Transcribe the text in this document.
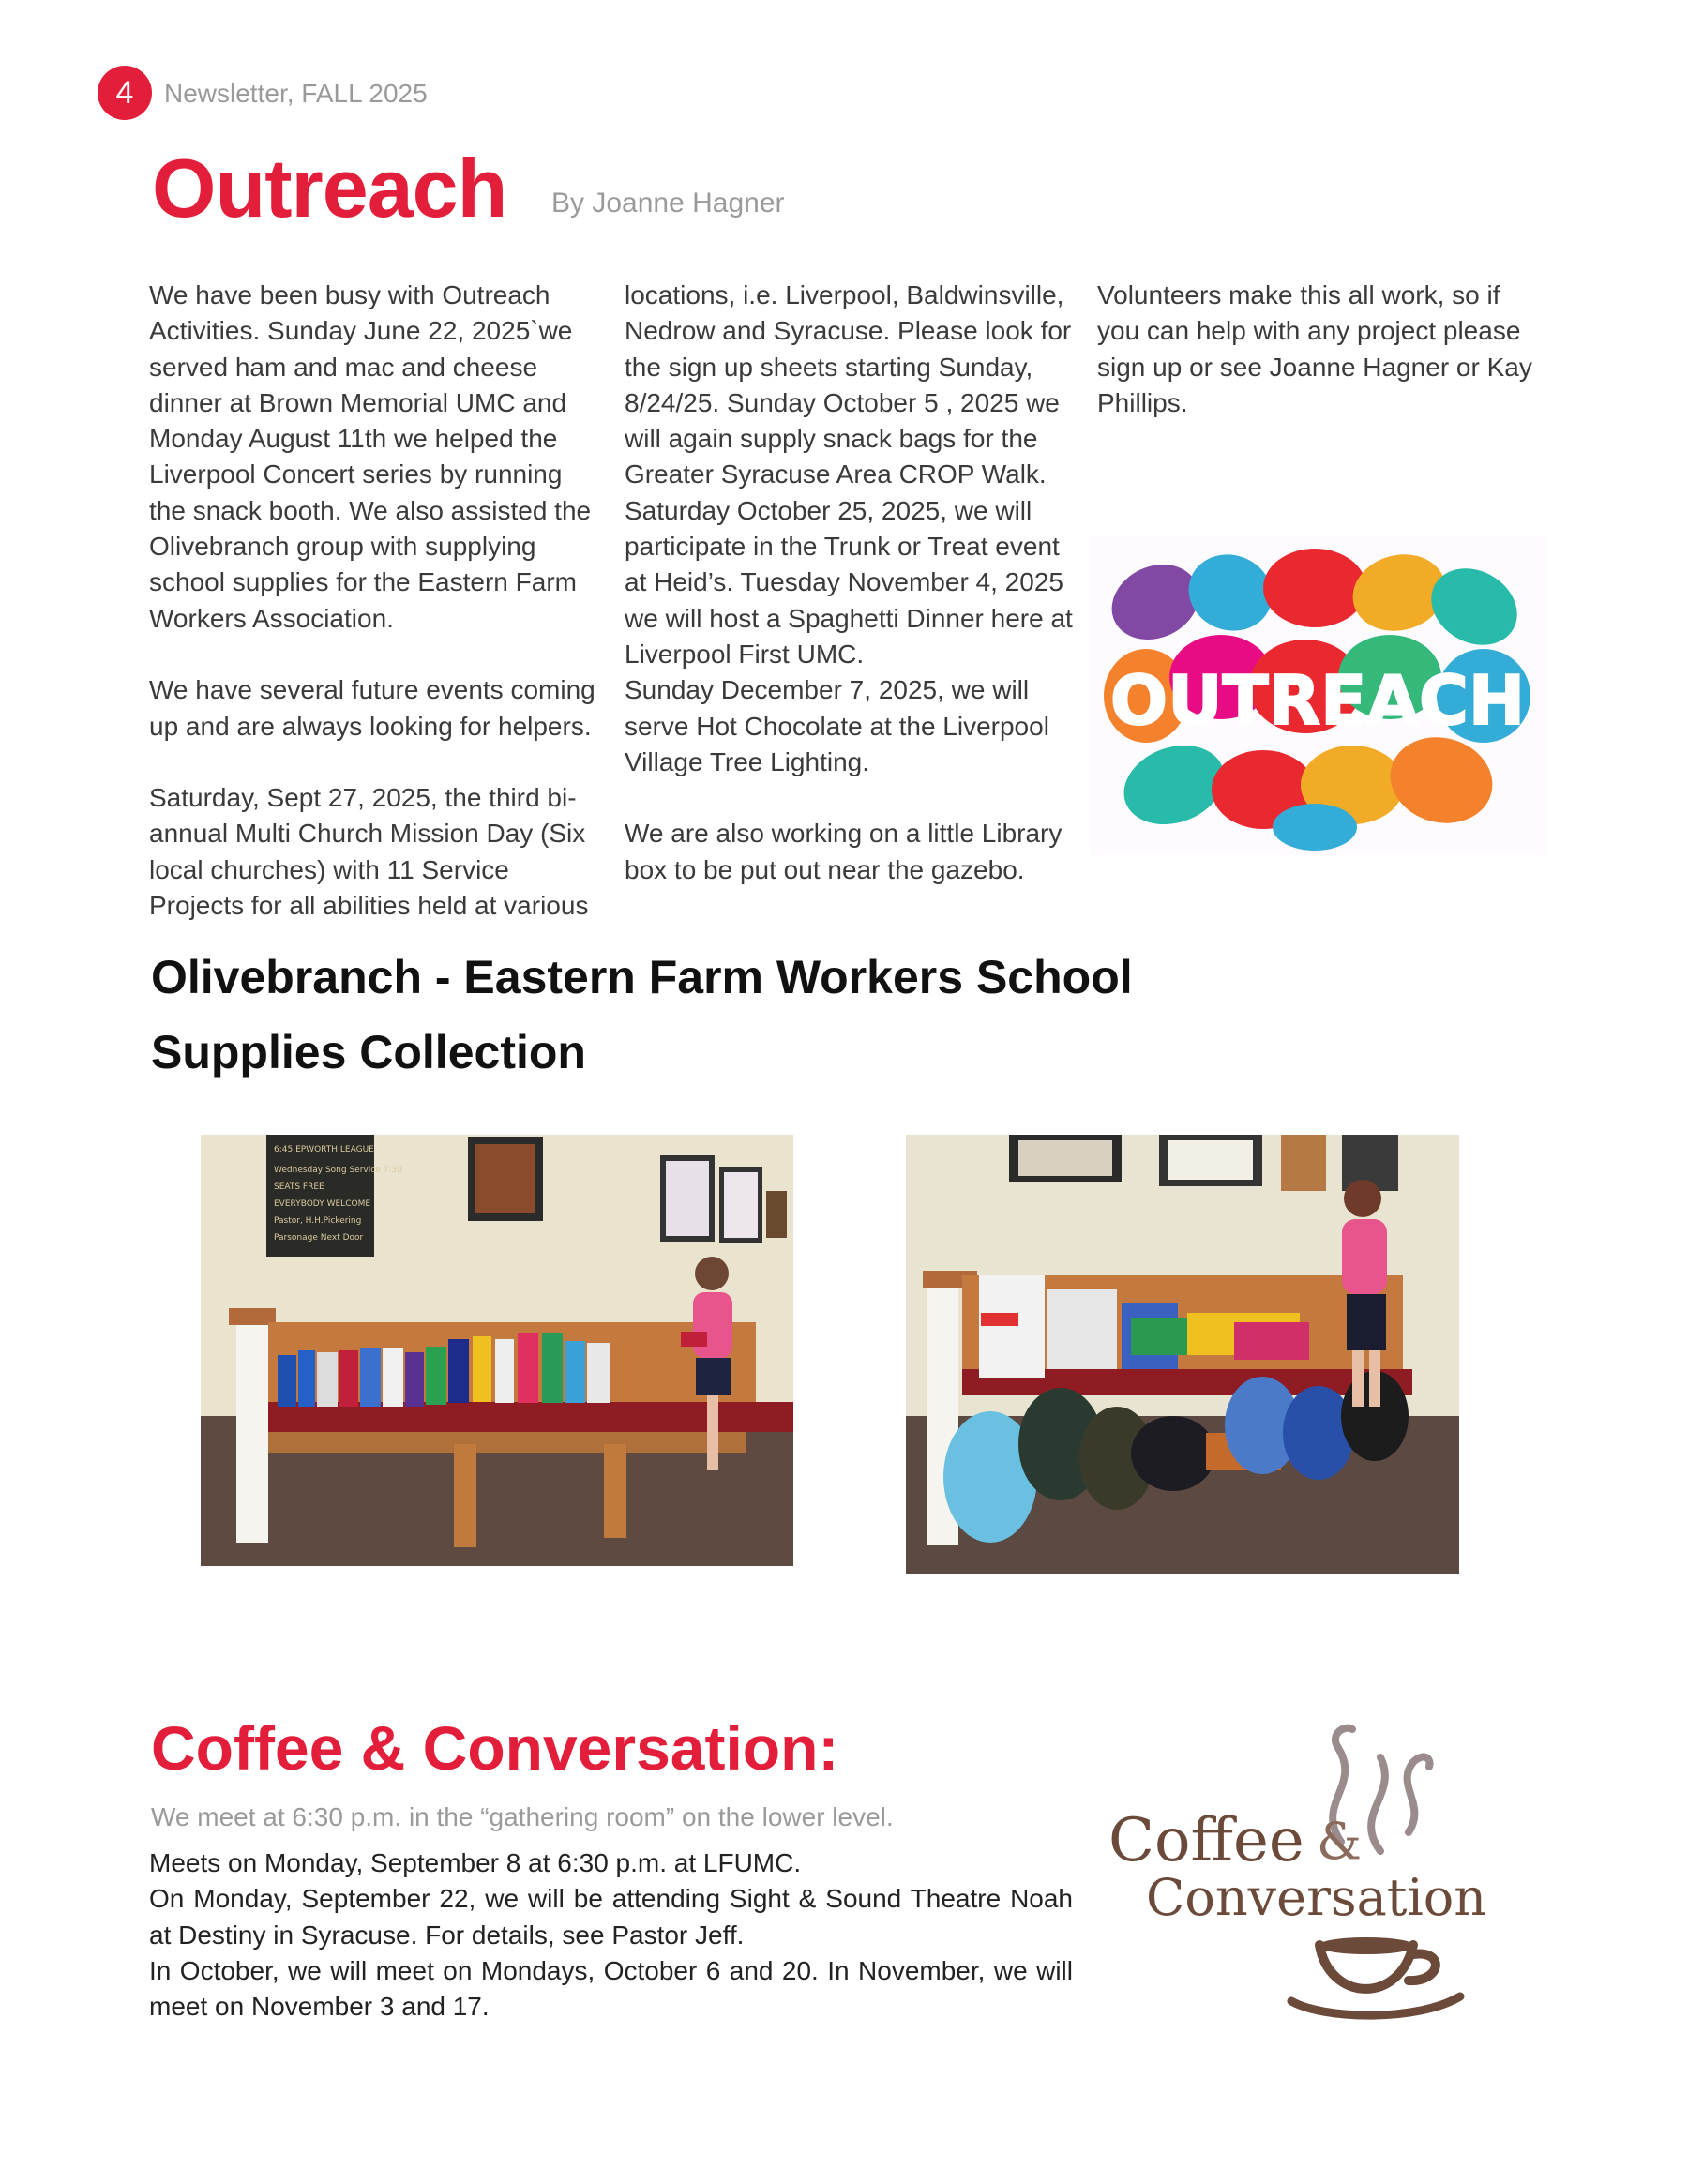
4 Newsletter, FALL 2025
Outreach By Joanne Hagner
We have been busy with Outreach Activities. Sunday June 22, 2025`we served ham and mac and cheese dinner at Brown Memorial UMC and Monday August 11th we helped the Liverpool Concert series by running the snack booth. We also assisted the Olivebranch group with supplying school supplies for the Eastern Farm Workers Association.

We have several future events coming up and are always looking for helpers.

Saturday, Sept 27, 2025, the third bi-annual Multi Church Mission Day (Six local churches) with 11 Service Projects for all abilities held at various
locations, i.e. Liverpool, Baldwinsville, Nedrow and Syracuse. Please look for the sign up sheets starting Sunday, 8/24/25. Sunday October 5 , 2025 we will again supply snack bags for the Greater Syracuse Area CROP Walk. Saturday October 25, 2025, we will participate in the Trunk or Treat event at Heid’s. Tuesday November 4, 2025 we will host a Spaghetti Dinner here at Liverpool First UMC.
Sunday December 7, 2025, we will serve Hot Chocolate at the Liverpool Village Tree Lighting.

We are also working on a little Library box to be put out near the gazebo.
Volunteers make this all work, so if you can help with any project please sign up or see Joanne Hagner or Kay Phillips.
OUTREACH
Olivebranch - Eastern Farm Workers School
Supplies Collection
6:45 EPWORTH LEAGUE
Wednesday Song Service 7:30
SEATS FREE
EVERYBODY WELCOME
Pastor, H.H.Pickering
Parsonage Next Door
Coffee & Conversation:
We meet at 6:30 p.m. in the “gathering room” on the lower level.
Meets on Monday, September 8 at 6:30 p.m. at LFUMC.
On Monday, September 22, we will be attending Sight & Sound Theatre Noah at Destiny in Syracuse. For details, see Pastor Jeff.
In October, we will meet on Mondays, October 6 and 20. In November, we will meet on November 3 and 17.
Coffee &
Conversation
